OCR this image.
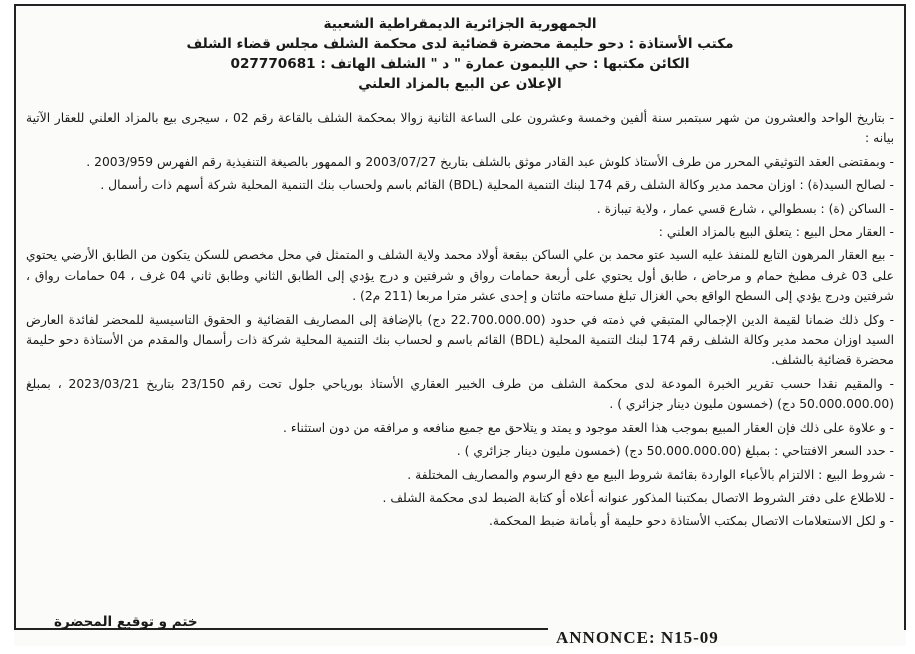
الجمهورية الجزائرية الديمقراطية الشعبية
مكتب الأستاذة : دحو حليمة محضرة قضائية لدى محكمة الشلف مجلس قضاء الشلف
الكائن مكتبها : حي الليمون عمارة " د " الشلف الهاتف : 027770681
الإعلان عن البيع بالمزاد العلني

- بتاريخ الواحد والعشرون من شهر سبتمبر سنة ألفين وخمسة وعشرون على الساعة الثانية زوالا بمحكمة الشلف بالقاعة رقم 02 ، سيجرى بيع بالمزاد العلني للعقار الآتية بيانه :

- وبمقتضى العقد التوثيقي المحرر من طرف الأستاذ كلوش عبد القادر موثق بالشلف بتاريخ 2003/07/27 و الممهور بالصيغة التنفيذية رقم الفهرس 2003/959 .

- لصالح السيد(ة) : اوزان محمد مدير وكالة الشلف رقم 174 لبنك التنمية المحلية (BDL) القائم باسم ولحساب بنك التنمية المحلية شركة أسهم ذات رأسمال .

- الساكن (ة) : بسطوالي ، شارع قسي عمار ، ولاية تيبازة .

- العقار محل البيع : يتعلق البيع بالمزاد العلني :

- بيع العقار المرهون التابع للمنفذ عليه السيد عتو محمد بن علي الساكن ببقعة أولاد محمد ولاية الشلف و المتمثل في محل مخصص للسكن يتكون من الطابق الأرضي يحتوي على 03 غرف مطبخ حمام و مرحاض ، طابق أول يحتوي على أربعة حمامات رواق و شرفتين و درج يؤدي إلى الطابق الثاني وطابق ثاني 04 غرف ، 04 حمامات رواق ، شرفتين ودرج يؤدي إلى السطح الواقع بحي الغزال تبلغ مساحته مائتان و إحدى عشر مترا مربعا (211 م2) .

- وكل ذلك ضمانا لقيمة الدين الإجمالي المتبقي في ذمته في حدود (22.700.000.00 دج) بالإضافة إلى المصاريف القضائية و الحقوق التاسيسية للمحضر لفائدة العارض السيد اوزان محمد مدير وكالة الشلف رقم 174 لبنك التنمية المحلية (BDL) القائم باسم و لحساب بنك التنمية المحلية شركة ذات رأسمال والمقدم من الأستاذة دحو حليمة محضرة قضائية بالشلف.

- والمقيم نقدا حسب تقرير الخبرة المودعة لدى محكمة الشلف من طرف الخبير العقاري الأستاذ بورياحي جلول تحت رقم 23/150 بتاريخ 2023/03/21 ، بمبلغ (50.000.000.00 دج) (خمسون مليون دينار جزائري ) .

- و علاوة على ذلك فإن العقار المبيع بموجب هذا العقد موجود و يمتد و يتلاحق مع جميع منافعه و مرافقه من دون استثناء .

- حدد السعر الافتتاحي : بمبلغ (50.000.000.00 دج) (خمسون مليون دينار جزائري ) .

- شروط البيع : الالتزام بالأعباء الواردة بقائمة شروط البيع مع دفع الرسوم والمصاريف المختلفة .

- للاطلاع على دفتر الشروط الاتصال بمكتبنا المذكور عنوانه أعلاه أو كتابة الضبط لدى محكمة الشلف .

- و لكل الاستعلامات الاتصال بمكتب الأستاذة دحو حليمة أو بأمانة ضبط المحكمة.

ختم و توقيع المحضرة
ANNONCE: N15-09
